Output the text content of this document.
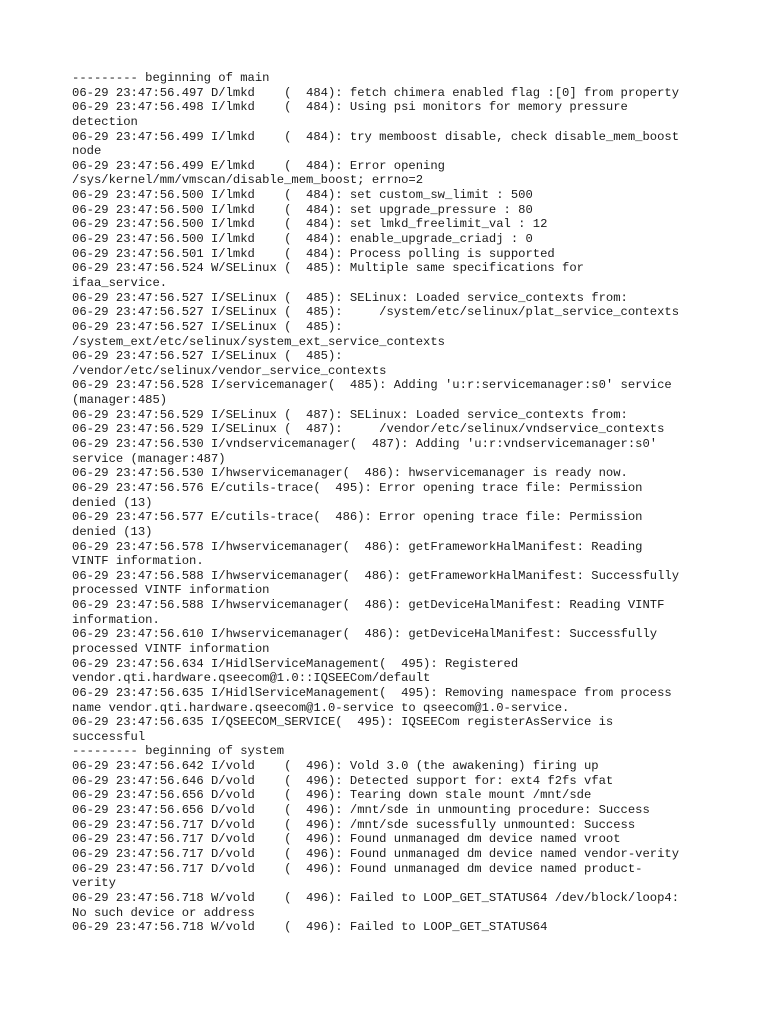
--------- beginning of main
06-29 23:47:56.497 D/lmkd    (  484): fetch chimera enabled flag :[0] from property
06-29 23:47:56.498 I/lmkd    (  484): Using psi monitors for memory pressure
detection
06-29 23:47:56.499 I/lmkd    (  484): try memboost disable, check disable_mem_boost
node
06-29 23:47:56.499 E/lmkd    (  484): Error opening
/sys/kernel/mm/vmscan/disable_mem_boost; errno=2
06-29 23:47:56.500 I/lmkd    (  484): set custom_sw_limit : 500
06-29 23:47:56.500 I/lmkd    (  484): set upgrade_pressure : 80
06-29 23:47:56.500 I/lmkd    (  484): set lmkd_freelimit_val : 12
06-29 23:47:56.500 I/lmkd    (  484): enable_upgrade_criadj : 0
06-29 23:47:56.501 I/lmkd    (  484): Process polling is supported
06-29 23:47:56.524 W/SELinux (  485): Multiple same specifications for
ifaa_service.
06-29 23:47:56.527 I/SELinux (  485): SELinux: Loaded service_contexts from:
06-29 23:47:56.527 I/SELinux (  485):     /system/etc/selinux/plat_service_contexts
06-29 23:47:56.527 I/SELinux (  485):
/system_ext/etc/selinux/system_ext_service_contexts
06-29 23:47:56.527 I/SELinux (  485):
/vendor/etc/selinux/vendor_service_contexts
06-29 23:47:56.528 I/servicemanager(  485): Adding 'u:r:servicemanager:s0' service
(manager:485)
06-29 23:47:56.529 I/SELinux (  487): SELinux: Loaded service_contexts from:
06-29 23:47:56.529 I/SELinux (  487):     /vendor/etc/selinux/vndservice_contexts
06-29 23:47:56.530 I/vndservicemanager(  487): Adding 'u:r:vndservicemanager:s0'
service (manager:487)
06-29 23:47:56.530 I/hwservicemanager(  486): hwservicemanager is ready now.
06-29 23:47:56.576 E/cutils-trace(  495): Error opening trace file: Permission
denied (13)
06-29 23:47:56.577 E/cutils-trace(  486): Error opening trace file: Permission
denied (13)
06-29 23:47:56.578 I/hwservicemanager(  486): getFrameworkHalManifest: Reading
VINTF information.
06-29 23:47:56.588 I/hwservicemanager(  486): getFrameworkHalManifest: Successfully
processed VINTF information
06-29 23:47:56.588 I/hwservicemanager(  486): getDeviceHalManifest: Reading VINTF
information.
06-29 23:47:56.610 I/hwservicemanager(  486): getDeviceHalManifest: Successfully
processed VINTF information
06-29 23:47:56.634 I/HidlServiceManagement(  495): Registered
vendor.qti.hardware.qseecom@1.0::IQSEECom/default
06-29 23:47:56.635 I/HidlServiceManagement(  495): Removing namespace from process
name vendor.qti.hardware.qseecom@1.0-service to qseecom@1.0-service.
06-29 23:47:56.635 I/QSEECOM_SERVICE(  495): IQSEECom registerAsService is
successful
--------- beginning of system
06-29 23:47:56.642 I/vold    (  496): Vold 3.0 (the awakening) firing up
06-29 23:47:56.646 D/vold    (  496): Detected support for: ext4 f2fs vfat
06-29 23:47:56.656 D/vold    (  496): Tearing down stale mount /mnt/sde
06-29 23:47:56.656 D/vold    (  496): /mnt/sde in unmounting procedure: Success
06-29 23:47:56.717 D/vold    (  496): /mnt/sde sucessfully unmounted: Success
06-29 23:47:56.717 D/vold    (  496): Found unmanaged dm device named vroot
06-29 23:47:56.717 D/vold    (  496): Found unmanaged dm device named vendor-verity
06-29 23:47:56.717 D/vold    (  496): Found unmanaged dm device named product-
verity
06-29 23:47:56.718 W/vold    (  496): Failed to LOOP_GET_STATUS64 /dev/block/loop4:
No such device or address
06-29 23:47:56.718 W/vold    (  496): Failed to LOOP_GET_STATUS64
